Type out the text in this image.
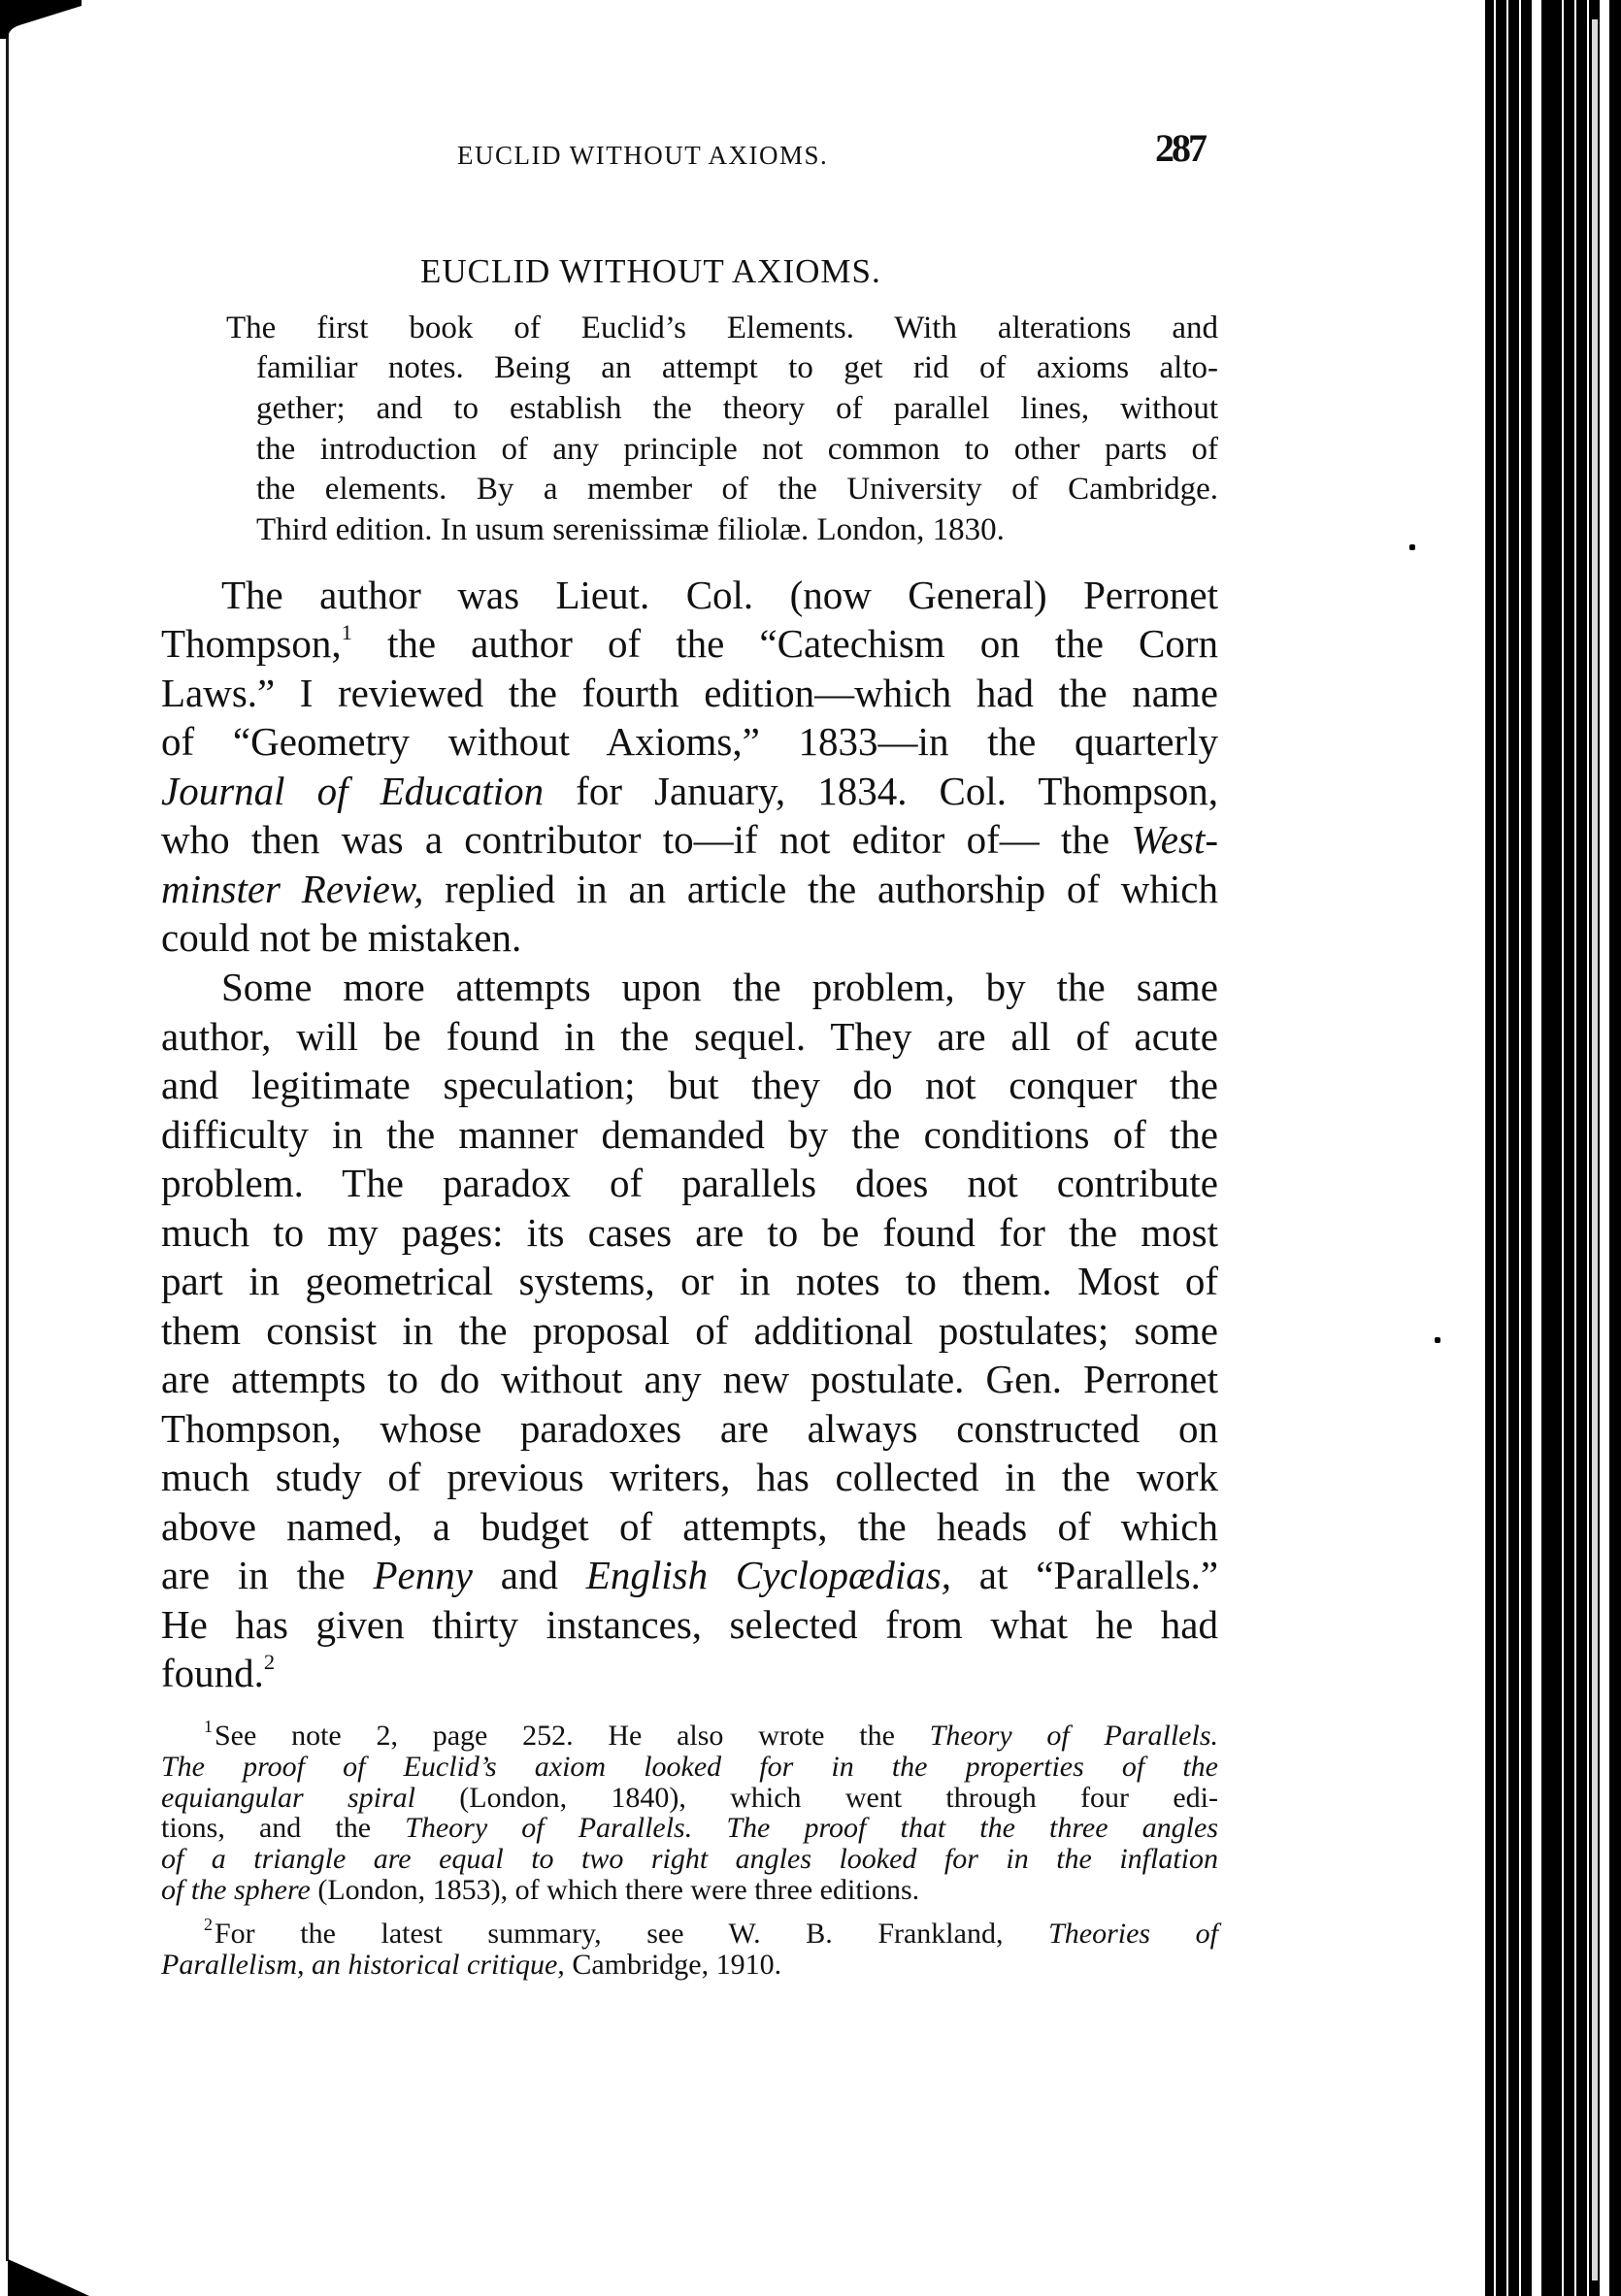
EUCLID WITHOUT AXIOMS.	287
EUCLID WITHOUT AXIOMS.
The first book of Euclid’s Elements. With alterations and
familiar notes. Being an attempt to get rid of axioms alto-
gether; and to establish the theory of parallel lines, without
the introduction of any principle not common to other parts of
the elements. By a member of the University of Cambridge.
Third edition. In usum serenissimæ filiolæ. London, 1830.
The author was Lieut. Col. (now General) Perronet
Thompson,$^1$ the author of the “Catechism on the Corn
Laws.” I reviewed the fourth edition—which had the name
of “Geometry without Axioms,” 1833—in the quarterly
Journal of Education for January, 1834. Col. Thompson,
who then was a contributor to—if not editor of— the West-
minster Review, replied in an article the authorship of which
could not be mistaken.
Some more attempts upon the problem, by the same
author, will be found in the sequel. They are all of acute
and legitimate speculation; but they do not conquer the
difficulty in the manner demanded by the conditions of the
problem. The paradox of parallels does not contribute
much to my pages: its cases are to be found for the most
part in geometrical systems, or in notes to them. Most of
them consist in the proposal of additional postulates; some
are attempts to do without any new postulate. Gen. Perronet
Thompson, whose paradoxes are always constructed on
much study of previous writers, has collected in the work
above named, a budget of attempts, the heads of which
are in the Penny and English Cyclopædias, at “Parallels.”
He has given thirty instances, selected from what he had
found.$^2$
$^1$See note 2, page 252. He also wrote the Theory of Parallels.
The proof of Euclid’s axiom looked for in the properties of the
equiangular spiral (London, 1840), which went through four edi-
tions, and the Theory of Parallels. The proof that the three angles
of a triangle are equal to two right angles looked for in the inflation
of the sphere (London, 1853), of which there were three editions.
$^2$For the latest summary, see W. B. Frankland, Theories of
Parallelism, an historical critique, Cambridge, 1910.
